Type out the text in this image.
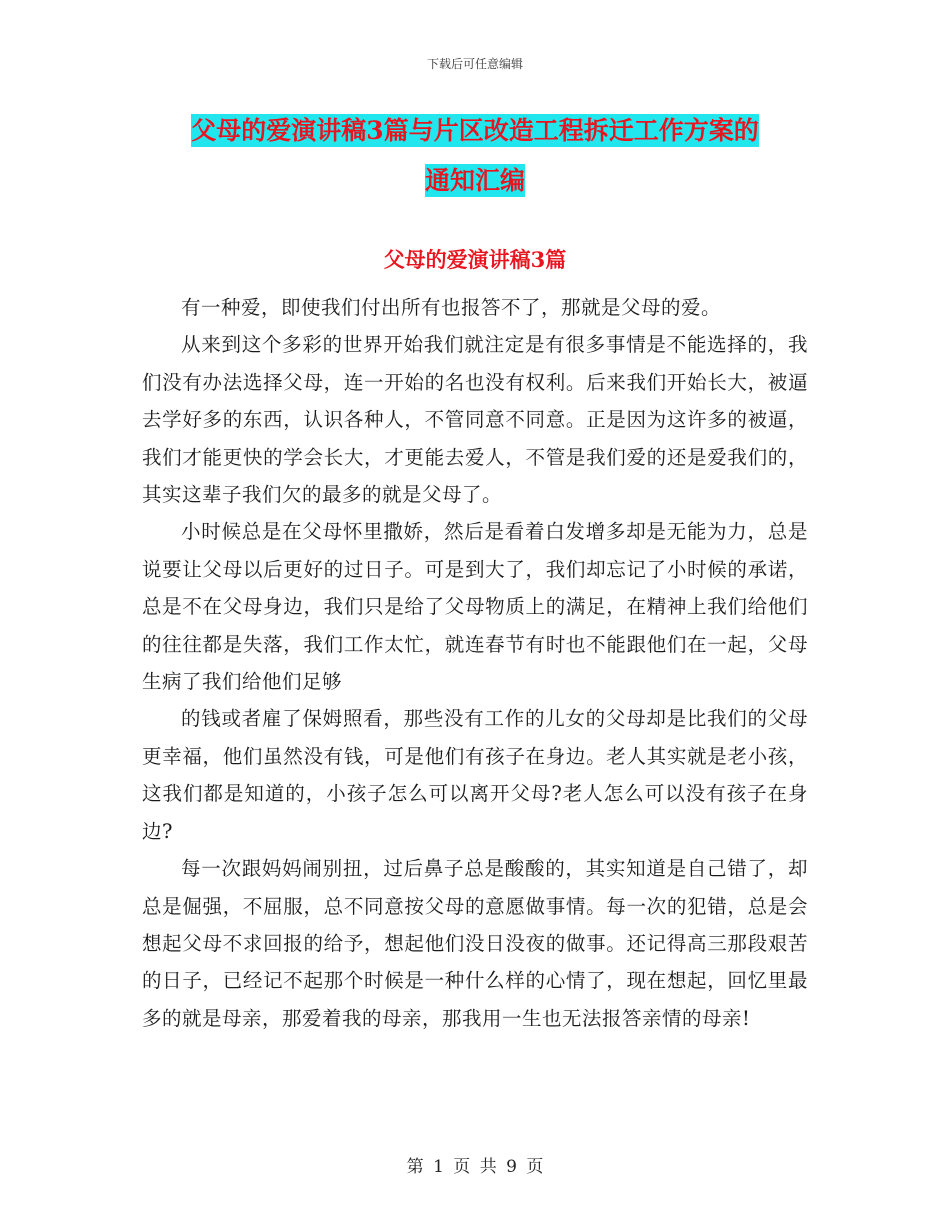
下载后可任意编辑
父母的爱演讲稿3篇与片区改造工程拆迁工作方案的
通知汇编
父母的爱演讲稿3篇

有一种爱，即使我们付出所有也报答不了，那就是父母的爱。

从来到这个多彩的世界开始我们就注定是有很多事情是不能选择的，我们没有办法选择父母，连一开始的名也没有权利。后来我们开始长大，被逼去学好多的东西，认识各种人，不管同意不同意。正是因为这许多的被逼，我们才能更快的学会长大，才更能去爱人，不管是我们爱的还是爱我们的，其实这辈子我们欠的最多的就是父母了。

小时候总是在父母怀里撒娇，然后是看着白发增多却是无能为力，总是说要让父母以后更好的过日子。可是到大了，我们却忘记了小时候的承诺，总是不在父母身边，我们只是给了父母物质上的满足，在精神上我们给他们的往往都是失落，我们工作太忙，就连春节有时也不能跟他们在一起，父母生病了我们给他们足够

的钱或者雇了保姆照看，那些没有工作的儿女的父母却是比我们的父母更幸福，他们虽然没有钱，可是他们有孩子在身边。老人其实就是老小孩，这我们都是知道的，小孩子怎么可以离开父母?老人怎么可以没有孩子在身边?

每一次跟妈妈闹别扭，过后鼻子总是酸酸的，其实知道是自己错了，却总是倔强，不屈服，总不同意按父母的意愿做事情。每一次的犯错，总是会想起父母不求回报的给予，想起他们没日没夜的做事。还记得高三那段艰苦的日子，已经记不起那个时候是一种什么样的心情了，现在想起，回忆里最多的就是母亲，那爱着我的母亲，那我用一生也无法报答亲情的母亲!

第 1 页 共 9 页
